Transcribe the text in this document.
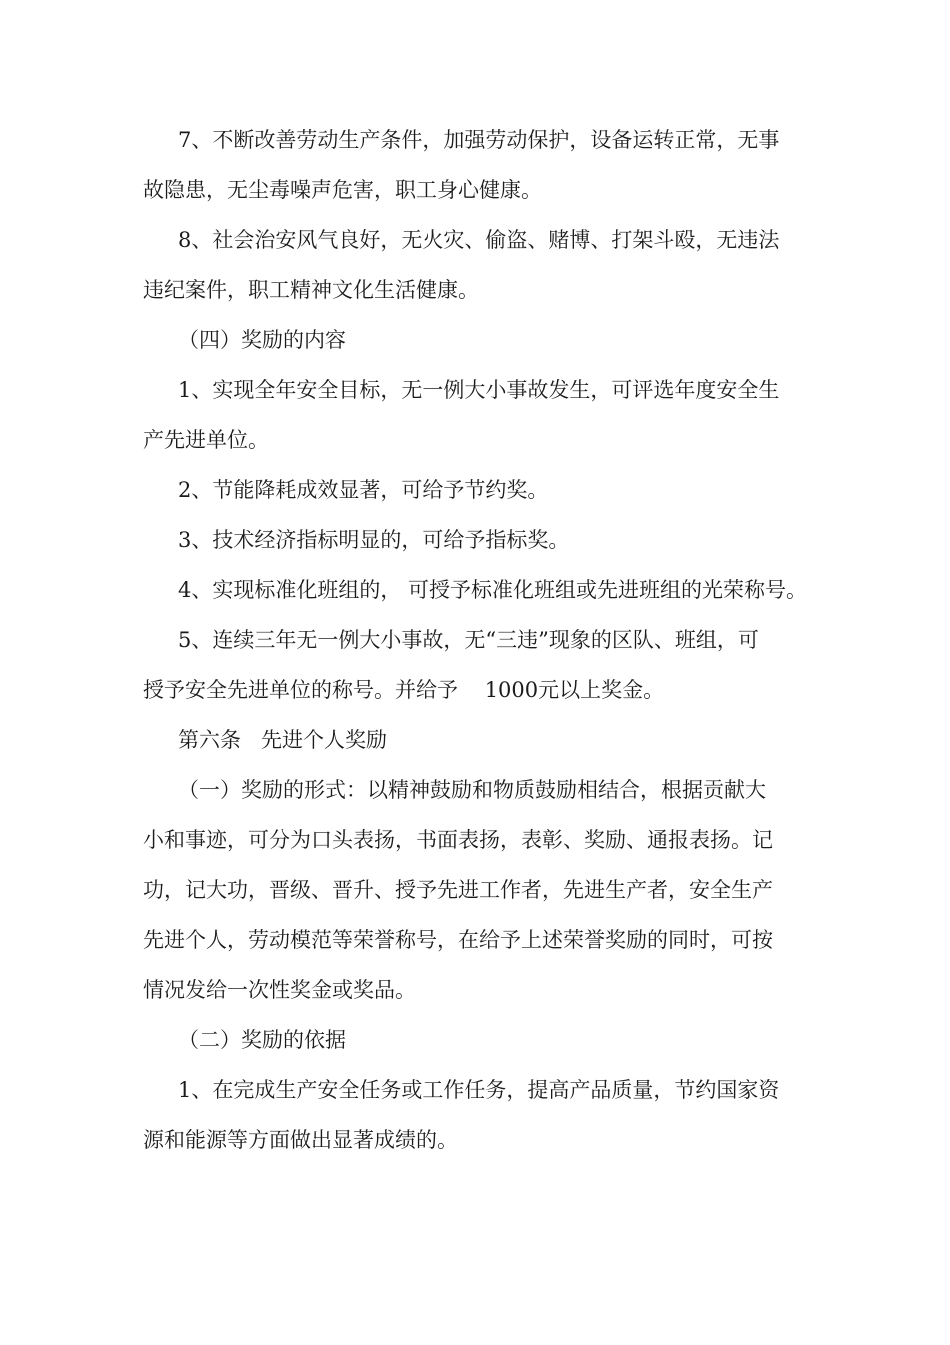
7、不断改善劳动生产条件，加强劳动保护，设备运转正常，无事
故隐患，无尘毒噪声危害，职工身心健康。
8、社会治安风气良好，无火灾、偷盗、赌博、打架斗殴，无违法
违纪案件，职工精神文化生活健康。
（四）奖励的内容
1、实现全年安全目标，无一例大小事故发生，可评选年度安全生
产先进单位。
2、节能降耗成效显著，可给予节约奖。
3、技术经济指标明显的，可给予指标奖。
4、实现标准化班组的， 可授予标准化班组或先进班组的光荣称号。
5、连续三年无一例大小事故，无“三违”现象的区队、班组，可
授予安全先进单位的称号。并给予    1000元以上奖金。
第六条   先进个人奖励
（一）奖励的形式：以精神鼓励和物质鼓励相结合，根据贡献大
小和事迹，可分为口头表扬，书面表扬，表彰、奖励、通报表扬。记
功，记大功，晋级、晋升、授予先进工作者，先进生产者，安全生产
先进个人，劳动模范等荣誉称号，在给予上述荣誉奖励的同时，可按
情况发给一次性奖金或奖品。
（二）奖励的依据
1、在完成生产安全任务或工作任务，提高产品质量，节约国家资
源和能源等方面做出显著成绩的。
